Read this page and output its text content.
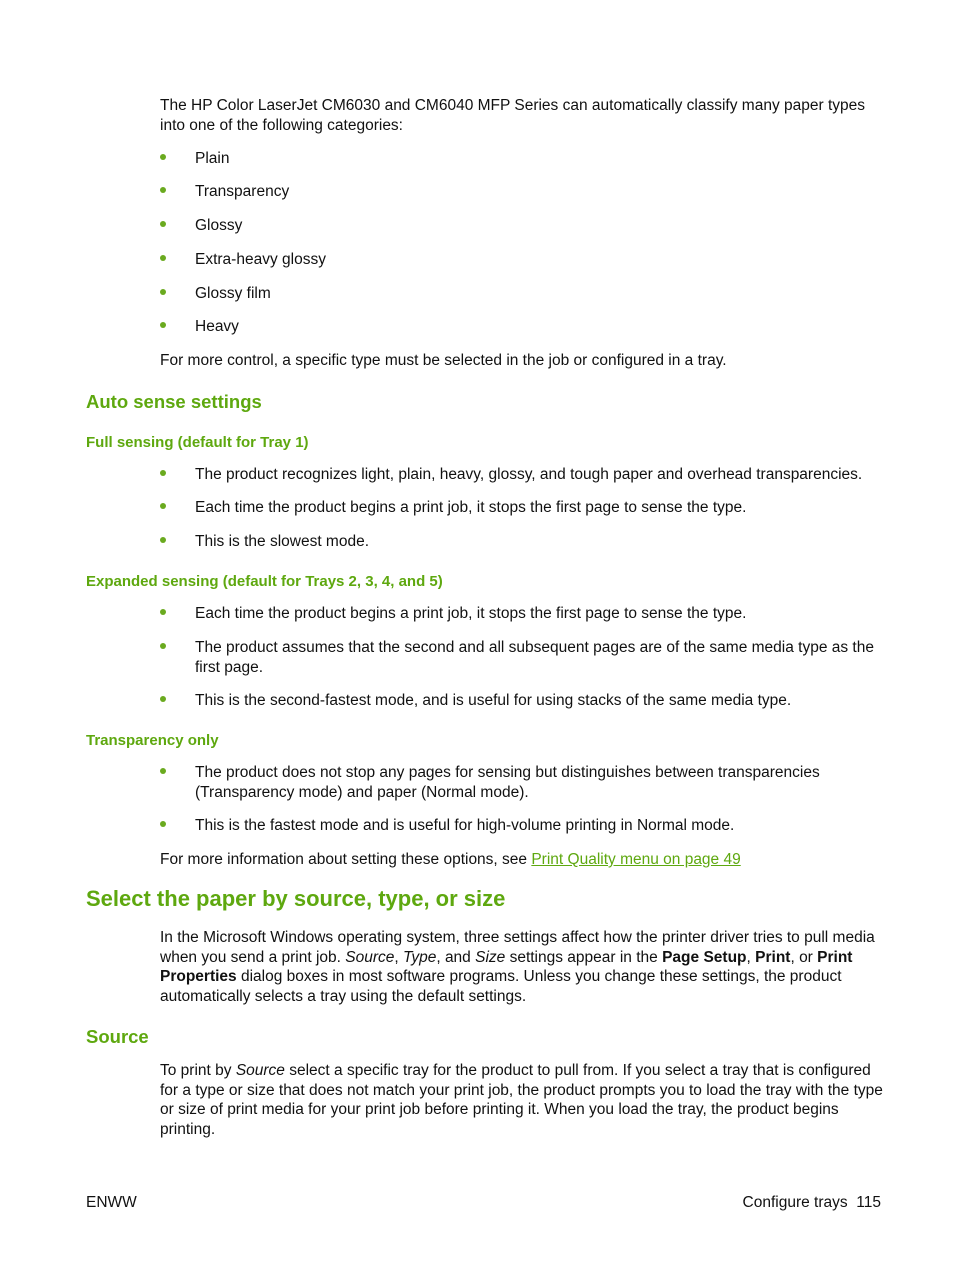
The HP Color LaserJet CM6030 and CM6040 MFP Series can automatically classify many paper types into one of the following categories:

Plain
Transparency
Glossy
Extra-heavy glossy
Glossy film
Heavy

For more control, a specific type must be selected in the job or configured in a tray.

Auto sense settings
Full sensing (default for Tray 1)
The product recognizes light, plain, heavy, glossy, and tough paper and overhead transparencies.
Each time the product begins a print job, it stops the first page to sense the type.
This is the slowest mode.
Expanded sensing (default for Trays 2, 3, 4, and 5)
Each time the product begins a print job, it stops the first page to sense the type.
The product assumes that the second and all subsequent pages are of the same media type as the first page.
This is the second-fastest mode, and is useful for using stacks of the same media type.
Transparency only
The product does not stop any pages for sensing but distinguishes between transparencies (Transparency mode) and paper (Normal mode).
This is the fastest mode and is useful for high-volume printing in Normal mode.

For more information about setting these options, see Print Quality menu on page 49

Select the paper by source, type, or size

In the Microsoft Windows operating system, three settings affect how the printer driver tries to pull media when you send a print job. Source, Type, and Size settings appear in the Page Setup, Print, or Print Properties dialog boxes in most software programs. Unless you change these settings, the product automatically selects a tray using the default settings.

Source

To print by Source select a specific tray for the product to pull from. If you select a tray that is configured for a type or size that does not match your print job, the product prompts you to load the tray with the type or size of print media for your print job before printing it. When you load the tray, the product begins printing.

ENWW	Configure trays 115
